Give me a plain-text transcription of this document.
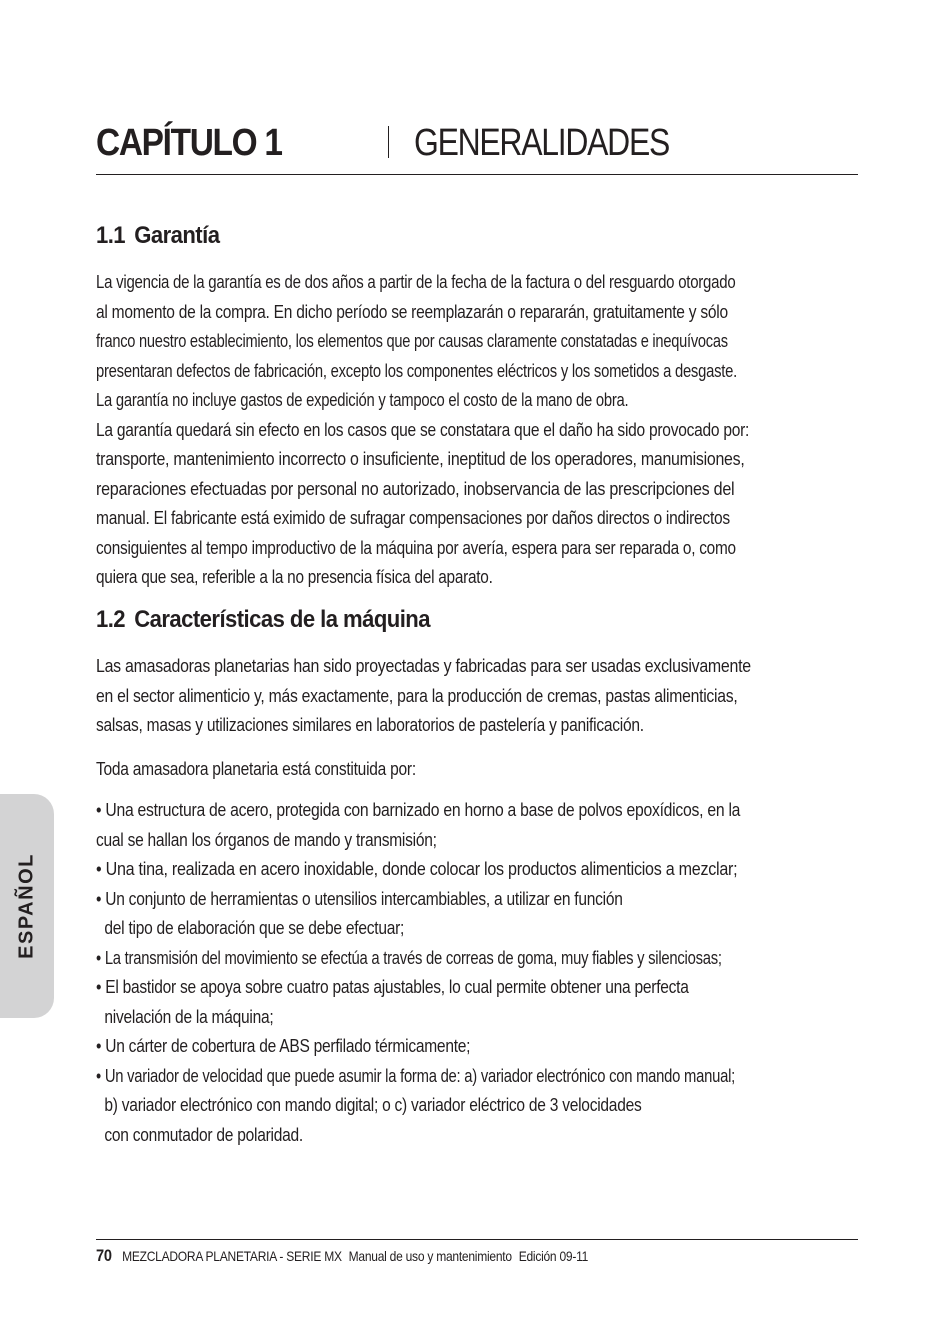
CAPÍTULO 1	GENERALIDADES
1.1 Garantía
La vigencia de la garantía es de dos años a partir de la fecha de la factura o del resguardo otorgado
al momento de la compra. En dicho período se reemplazarán o repararán, gratuitamente y sólo
franco nuestro establecimiento, los elementos que por causas claramente constatadas e inequívocas
presentaran defectos de fabricación, excepto los componentes eléctricos y los sometidos a desgaste.
La garantía no incluye gastos de expedición y tampoco el costo de la mano de obra.
La garantía quedará sin efecto en los casos que se constatara que el daño ha sido provocado por:
transporte, mantenimiento incorrecto o insuficiente, ineptitud de los operadores, manumisiones,
reparaciones efectuadas por personal no autorizado, inobservancia de las prescripciones del
manual. El fabricante está eximido de sufragar compensaciones por daños directos o indirectos
consiguientes al tempo improductivo de la máquina por avería, espera para ser reparada o, como
quiera que sea, referible a la no presencia física del aparato.
1.2 Características de la máquina
Las amasadoras planetarias han sido proyectadas y fabricadas para ser usadas exclusivamente
en el sector alimenticio y, más exactamente, para la producción de cremas, pastas alimenticias,
salsas, masas y utilizaciones similares en laboratorios de pastelería y panificación.
Toda amasadora planetaria está constituida por:
• Una estructura de acero, protegida con barnizado en horno a base de polvos epoxídicos, en la
cual se hallan los órganos de mando y transmisión;
• Una tina, realizada en acero inoxidable, donde colocar los productos alimenticios a mezclar;
• Un conjunto de herramientas o utensilios intercambiables, a utilizar en función
del tipo de elaboración que se debe efectuar;
• La transmisión del movimiento se efectúa a través de correas de goma, muy fiables y silenciosas;
• El bastidor se apoya sobre cuatro patas ajustables, lo cual permite obtener una perfecta
nivelación de la máquina;
• Un cárter de cobertura de ABS perfilado térmicamente;
• Un variador de velocidad que puede asumir la forma de: a) variador electrónico con mando manual;
b) variador electrónico con mando digital; o c) variador eléctrico de 3 velocidades
con conmutador de polaridad.
ESPAÑOL
70 MEZCLADORA PLANETARIA - SERIE MX Manual de uso y mantenimiento Edición 09-11
